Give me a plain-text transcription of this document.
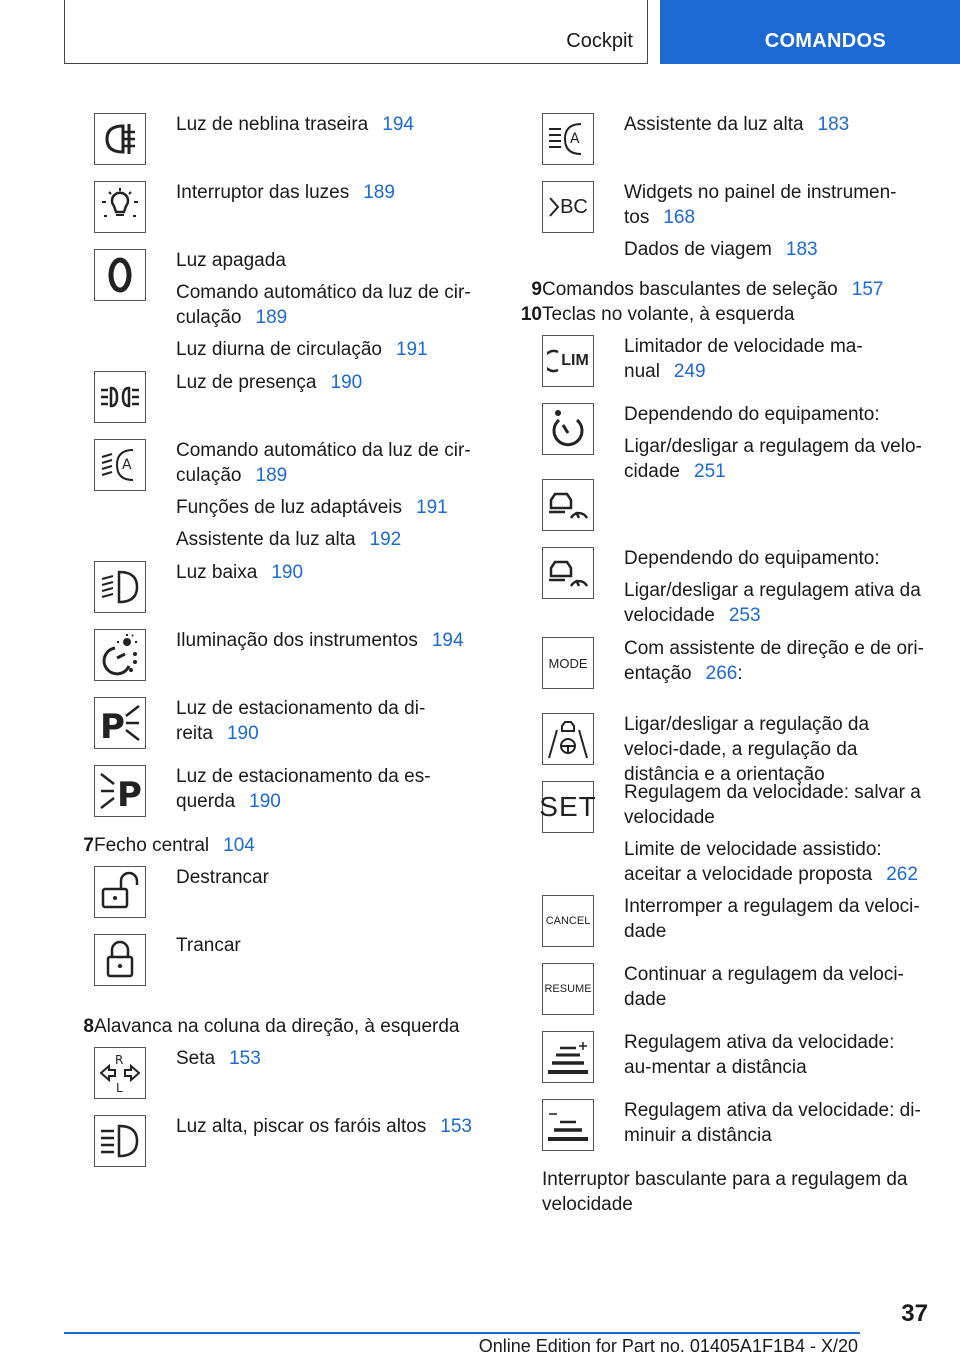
Cockpit	COMANDOS
Luz de neblina traseira 194
Interruptor das luzes 189
Luz apagada
Comando automático da luz de cir-culação 189
Luz diurna de circulação 191
Luz de presença 190
A
Comando automático da luz de cir-culação 189
Funções de luz adaptáveis 191
Assistente da luz alta 192
Luz baixa 190
Iluminação dos instrumentos 194
P	Luz de estacionamento da di-reita 190
P Luz de estacionamento da es-querda 190
7 Fecho central 104
Destrancar
Trancar
8 Alavanca na coluna da direção, à esquerda
R
L
Seta 153
Luz alta, piscar os faróis altos 153
A
Assistente da luz alta 183
BC
Widgets no painel de instrumen-tos 168
Dados de viagem 183
9 Comandos basculantes de seleção 157
10 Teclas no volante, à esquerda
LIM
Limitador de velocidade ma-nual 249
Dependendo do equipamento:
Ligar/desligar a regulagem da velo-cidade 251
Dependendo do equipamento:
Ligar/desligar a regulagem ativa da velocidade 253
MODE
Com assistente de direção e de ori-entação 266:
Ligar/desligar a regulação da veloci-dade, a regulação da distância e a orientação
SET Regulagem da velocidade: salvar a velocidade
Limite de velocidade assistido: aceitar a velocidade proposta 262
CANCEL
Interromper a regulagem da veloci-dade
RESUME
Continuar a regulagem da veloci-dade
Regulagem ativa da velocidade: au-mentar a distância
Regulagem ativa da velocidade: di-minuir a distância
Interruptor basculante para a regulagem da velocidade
37
Online Edition for Part no. 01405A1F1B4 - X/20
